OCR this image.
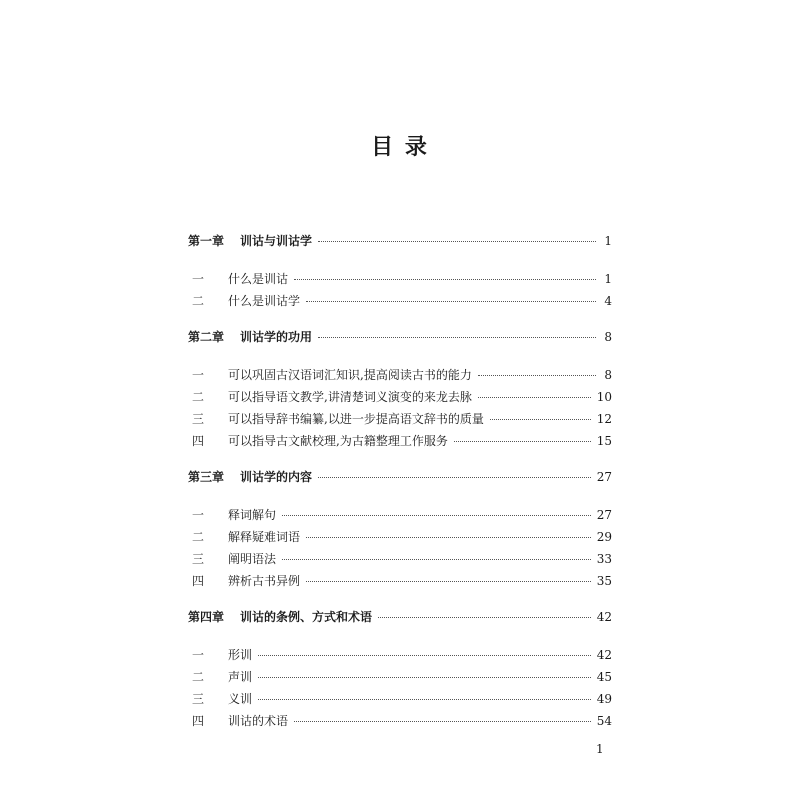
目 录
第一章	训诂与训诂学	1
一	什么是训诂	1
二	什么是训诂学	4
第二章	训诂学的功用	8
一	可以巩固古汉语词汇知识,提高阅读古书的能力	8
二	可以指导语文教学,讲清楚词义演变的来龙去脉	10
三	可以指导辞书编纂,以进一步提高语文辞书的质量	12
四	可以指导古文献校理,为古籍整理工作服务	15
第三章	训诂学的内容	27
一	释词解句	27
二	解释疑难词语	29
三	阐明语法	33
四	辨析古书异例	35
第四章	训诂的条例、方式和术语	42
一	形训	42
二	声训	45
三	义训	49
四	训诂的术语	54
1
